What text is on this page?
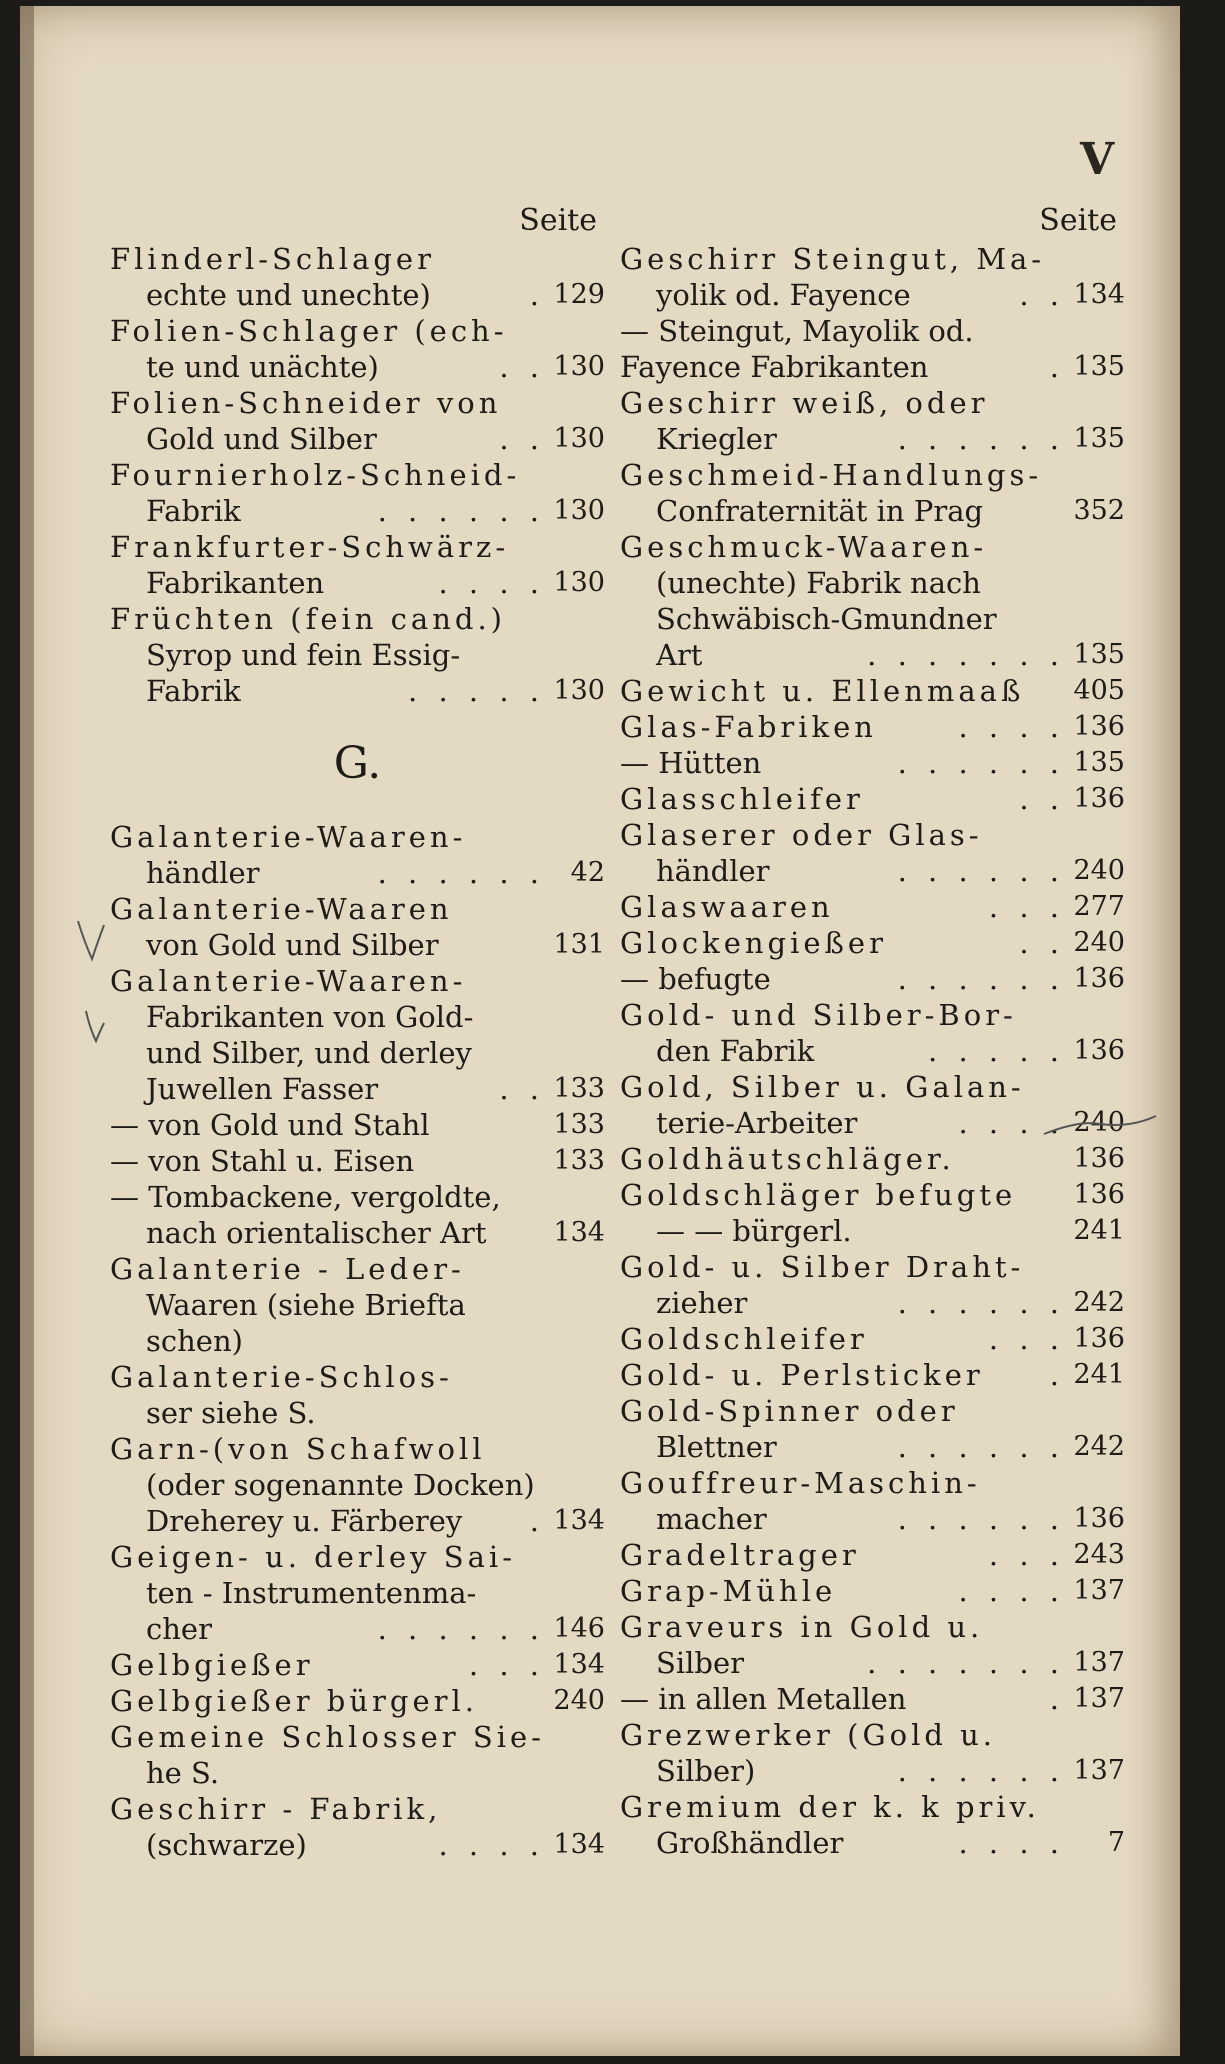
V
Seite
Flinderl-Schlager
echte und unechte)	. 129
Folien-Schlager (ech-
te und unächte)	. . 130
Folien-Schneider von
Gold und Silber	. . 130
Fournierholz-Schneid-
Fabrik	. . . . . . 130
Frankfurter-Schwärz-
Fabrikanten	. . . . 130
Früchten (fein cand.)
Syrop und fein Essig-
Fabrik	. . . . . 130
G.
Galanterie-Waaren-
händler	. . . . . . 42
Galanterie-Waaren
von Gold und Silber	131
Galanterie-Waaren-
Fabrikanten von Gold-
und Silber, und derley
Juwellen Fasser	. . 133
— von Gold und Stahl	133
— von Stahl u. Eisen	133
— Tombackene, vergoldte,
nach orientalischer Art	134
Galanterie - Leder-
Waaren (siehe Briefta
schen)
Galanterie-Schlos-
ser siehe S.
Garn-(von Schafwoll
(oder sogenannte Docken)
Dreherey u. Färberey . 134
Geigen- u. derley Sai-
ten - Instrumentenma-
cher	. . . . . . 146
Gelbgießer	. . . 134
Gelbgießer bürgerl.	240
Gemeine Schlosser Sie-
he S.
Geschirr - Fabrik,
(schwarze)	. . . . 134
Seite
Geschirr Steingut, Ma-
yolik od. Fayence	. . 134
— Steingut, Mayolik od.
Fayence Fabrikanten	. 135
Geschirr weiß, oder
Kriegler	. . . . . . 135
Geschmeid-Handlungs-
Confraternität in Prag	352
Geschmuck-Waaren-
(unechte) Fabrik nach
Schwäbisch-Gmundner
Art	. . . . . . . 135
Gewicht u. Ellenmaaß	405
Glas-Fabriken	. . . . 136
— Hütten	. . . . . . 135
Glasschleifer	. . 136
Glaserer oder Glas-
händler	. . . . . . 240
Glaswaaren	. . . 277
Glockengießer	. . 240
— befugte	. . . . . . 136
Gold- und Silber-Bor-
den Fabrik	. . . . . 136
Gold, Silber u. Galan-
terie-Arbeiter	. . . . 240
Goldhäutschläger.	136
Goldschläger befugte	136
— — bürgerl.	241
Gold- u. Silber Draht-
zieher	. . . . . . 242
Goldschleifer	. . . 136
Gold- u. Perlsticker . 241
Gold-Spinner oder
Blettner	. . . . . . 242
Gouffreur-Maschin-
macher	. . . . . . 136
Gradeltrager	. . . 243
Grap-Mühle	. . . . 137
Graveurs in Gold u.
Silber	. . . . . . . 137
— in allen Metallen	. 137
Grezwerker (Gold u.
Silber)	. . . . . . 137
Gremium der k. k priv.
Großhändler	. . . .	7
